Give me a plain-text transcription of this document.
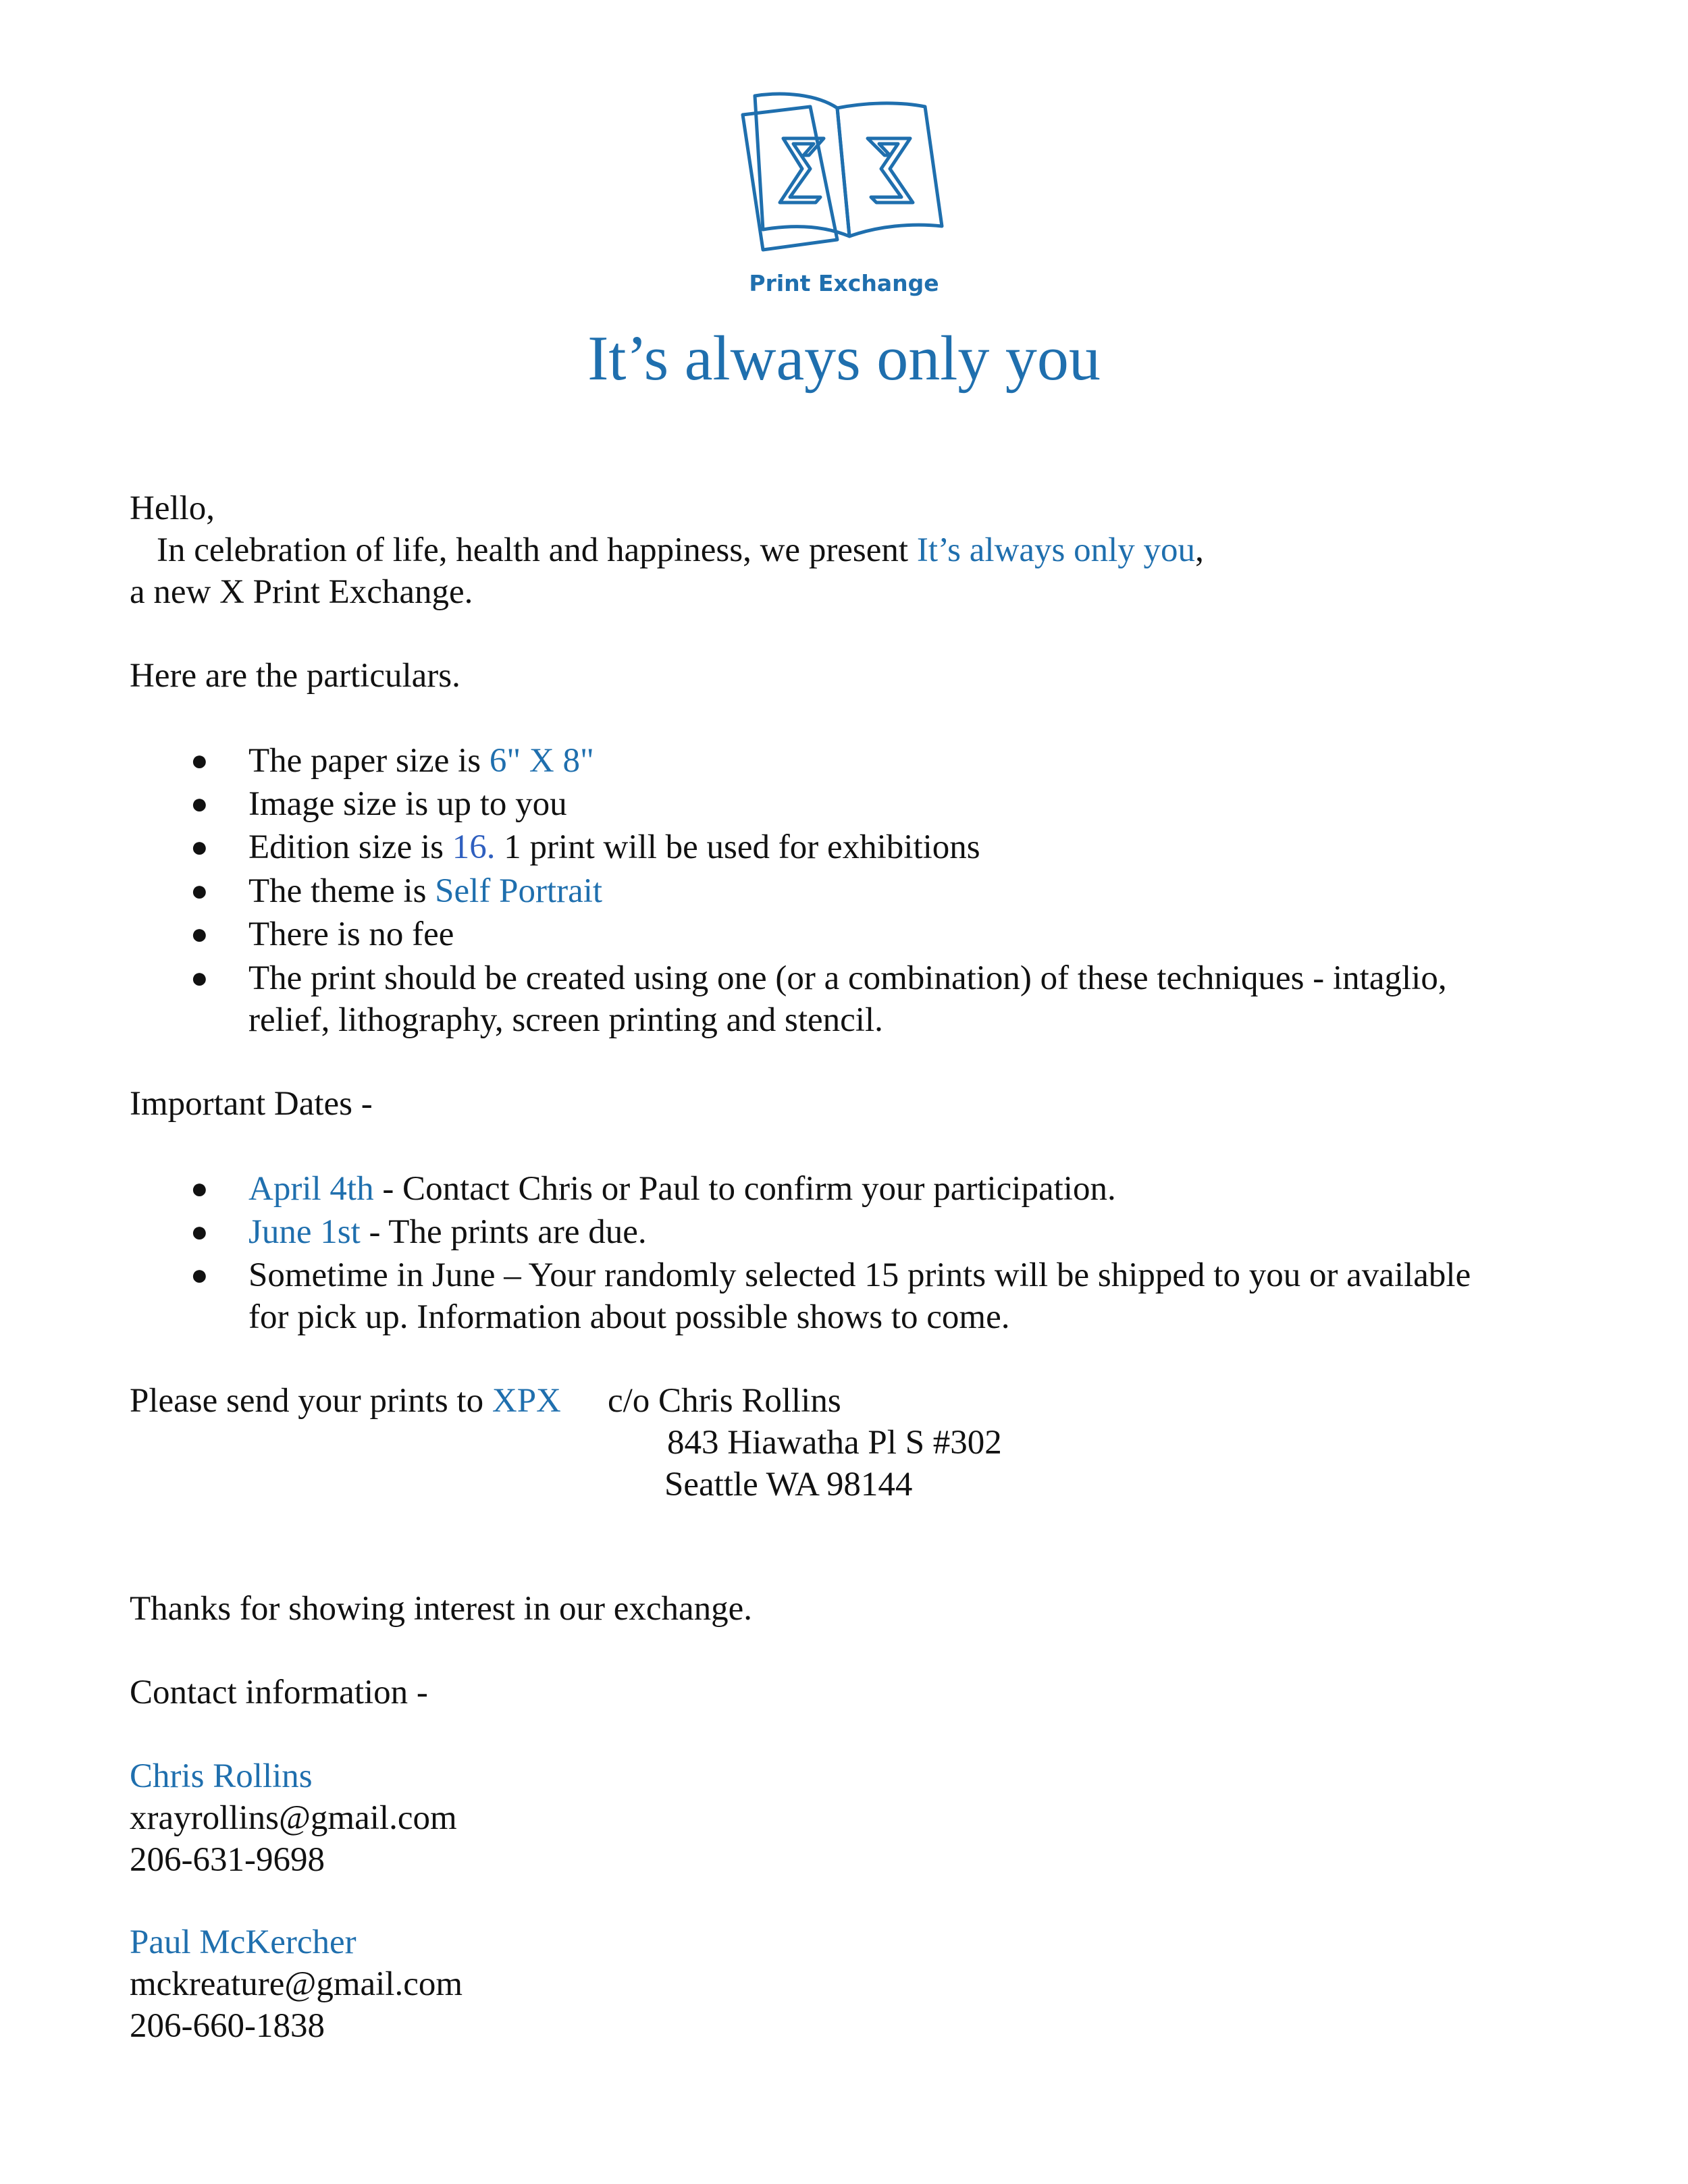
Print Exchange
It’s always only you
Hello,
In celebration of life, health and happiness, we present It’s always only you,
a new X Print Exchange.
Here are the particulars.
● The paper size is 6" X 8"
● Image size is up to you
● Edition size is 16. 1 print will be used for exhibitions
● The theme is Self Portrait
● There is no fee
● The print should be created using one (or a combination) of these techniques - intaglio,
relief, lithography, screen printing and stencil.
Important Dates -
● April 4th - Contact Chris or Paul to confirm your participation.
● June 1st - The prints are due.
● Sometime in June – Your randomly selected 15 prints will be shipped to you or available
for pick up. Information about possible shows to come.
Please send your prints to XPX c/o Chris Rollins
843 Hiawatha Pl S #302
Seattle WA 98144
Thanks for showing interest in our exchange.
Contact information -
Chris Rollins
xrayrollins@gmail.com
206-631-9698
Paul McKercher
mckreature@gmail.com
206-660-1838
